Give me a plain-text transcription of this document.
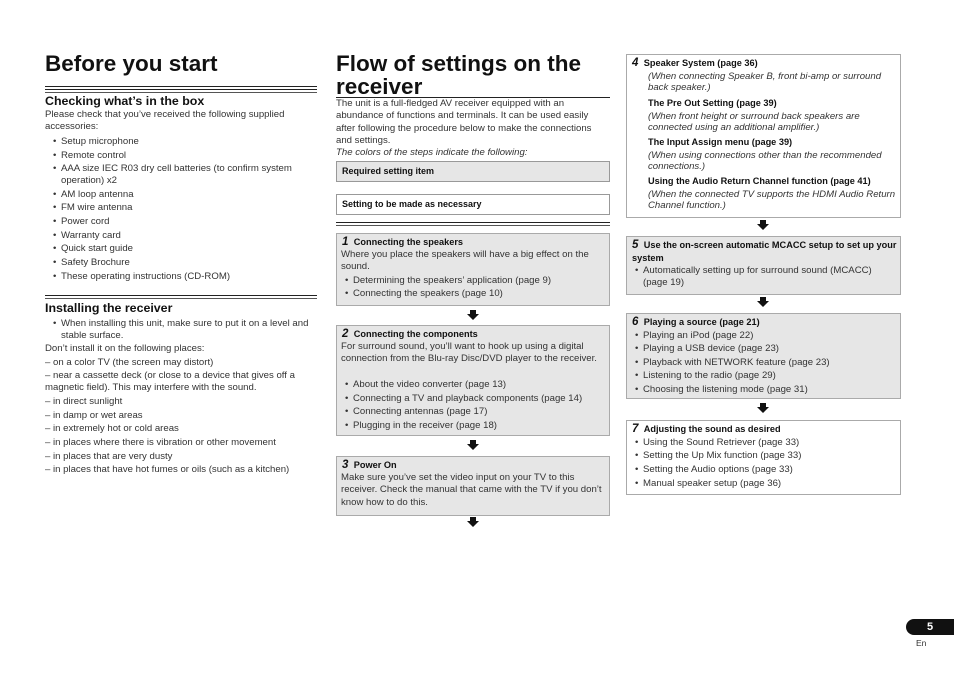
Before you start
Checking what’s in the box
Please check that you’ve received the following supplied accessories:
• Setup microphone
• Remote control
• AAA size IEC R03 dry cell batteries (to confirm system operation) x2
• AM loop antenna
• FM wire antenna
• Power cord
• Warranty card
• Quick start guide
• Safety Brochure
• These operating instructions (CD-ROM)
Installing the receiver
• When installing this unit, make sure to put it on a level and stable surface.
Don’t install it on the following places:
– on a color TV (the screen may distort)
– near a cassette deck (or close to a device that gives off a magnetic field). This may interfere with the sound.
– in direct sunlight
– in damp or wet areas
– in extremely hot or cold areas
– in places where there is vibration or other movement
– in places that are very dusty
– in places that have hot fumes or oils (such as a kitchen)
Flow of settings on the receiver
The unit is a full-fledged AV receiver equipped with an abundance of functions and terminals. It can be used easily after following the procedure below to make the connections and settings.
The colors of the steps indicate the following:
Required setting item
Setting to be made as necessary
1 Connecting the speakers
Where you place the speakers will have a big effect on the sound.
• Determining the speakers’ application (page 9)
• Connecting the speakers (page 10)
2 Connecting the components
For surround sound, you’ll want to hook up using a digital connection from the Blu-ray Disc/DVD player to the receiver.
• About the video converter (page 13)
• Connecting a TV and playback components (page 14)
• Connecting antennas (page 17)
• Plugging in the receiver (page 18)
3 Power On
Make sure you’ve set the video input on your TV to this receiver. Check the manual that came with the TV if you don’t know how to do this.
4 Speaker System (page 36)
(When connecting Speaker B, front bi-amp or surround back speaker.)
The Pre Out Setting (page 39)
(When front height or surround back speakers are connected using an additional amplifier.)
The Input Assign menu (page 39)
(When using connections other than the recommended connections.)
Using the Audio Return Channel function (page 41)
(When the connected TV supports the HDMI Audio Return Channel function.)
5 Use the on-screen automatic MCACC setup to set up your system
• Automatically setting up for surround sound (MCACC) (page 19)
6 Playing a source (page 21)
• Playing an iPod (page 22)
• Playing a USB device (page 23)
• Playback with NETWORK feature (page 23)
• Listening to the radio (page 29)
• Choosing the listening mode (page 31)
7 Adjusting the sound as desired
• Using the Sound Retriever (page 33)
• Setting the Up Mix function (page 33)
• Setting the Audio options (page 33)
• Manual speaker setup (page 36)
5
En
